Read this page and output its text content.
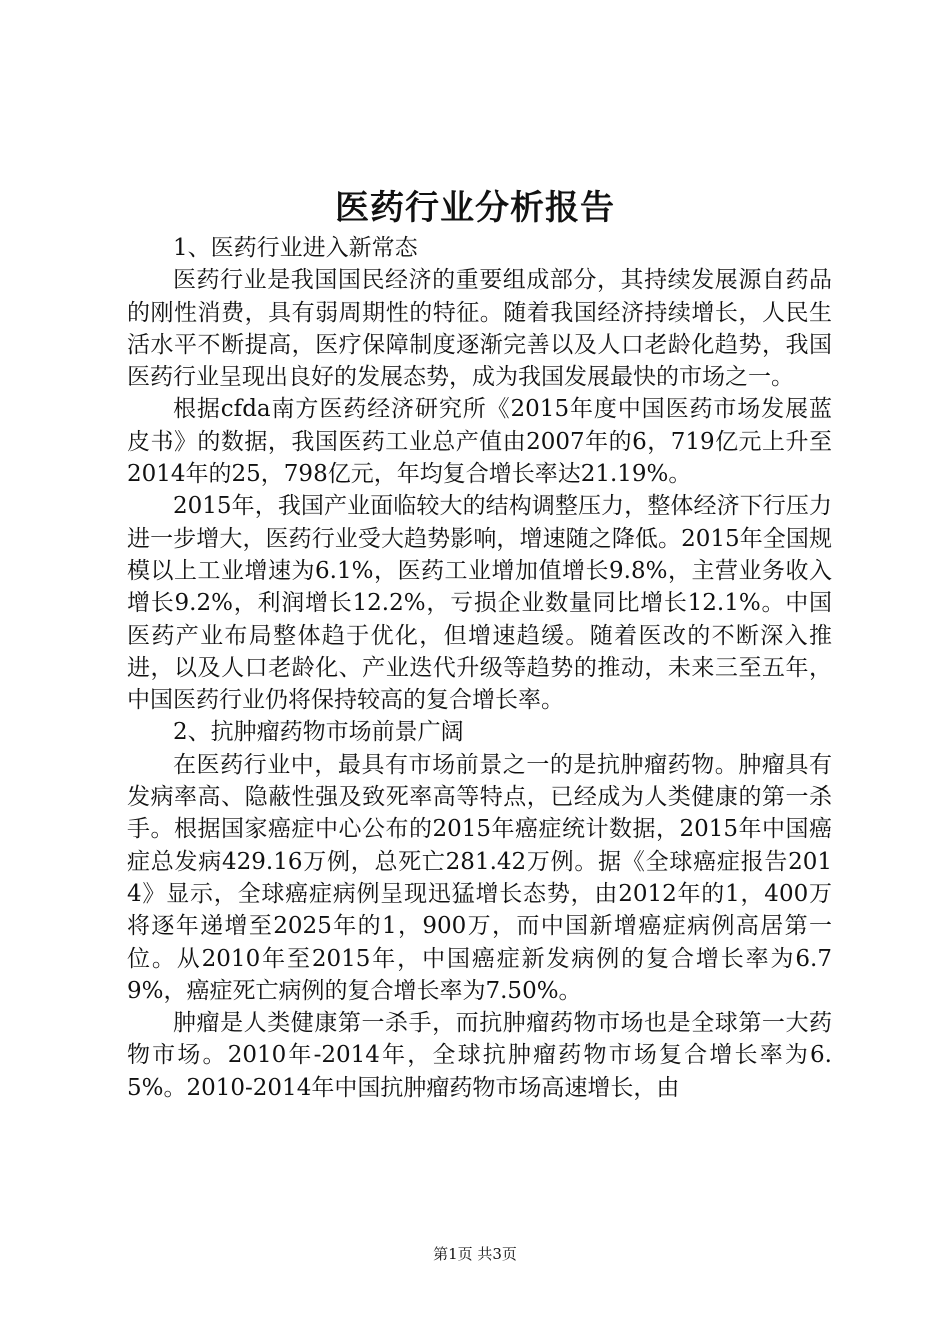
医药行业分析报告

1、医药行业进入新常态

医药行业是我国国民经济的重要组成部分，其持续发展源自药品的刚性消费，具有弱周期性的特征。随着我国经济持续增长，人民生活水平不断提高，医疗保障制度逐渐完善以及人口老龄化趋势，我国医药行业呈现出良好的发展态势，成为我国发展最快的市场之一。

根据cfda南方医药经济研究所《2015年度中国医药市场发展蓝皮书》的数据，我国医药工业总产值由2007年的6，719亿元上升至2014年的25，798亿元，年均复合增长率达21.19%。

2015年，我国产业面临较大的结构调整压力，整体经济下行压力进一步增大，医药行业受大趋势影响，增速随之降低。2015年全国规模以上工业增速为6.1%，医药工业增加值增长9.8%，主营业务收入增长9.2%，利润增长12.2%，亏损企业数量同比增长12.1%。中国医药产业布局整体趋于优化，但增速趋缓。随着医改的不断深入推进，以及人口老龄化、产业迭代升级等趋势的推动，未来三至五年，中国医药行业仍将保持较高的复合增长率。

2、抗肿瘤药物市场前景广阔

在医药行业中，最具有市场前景之一的是抗肿瘤药物。肿瘤具有发病率高、隐蔽性强及致死率高等特点，已经成为人类健康的第一杀手。根据国家癌症中心公布的2015年癌症统计数据，2015年中国癌症总发病429.16万例，总死亡281.42万例。据《全球癌症报告2014》显示，全球癌症病例呈现迅猛增长态势，由2012年的1，400万将逐年递增至2025年的1，900万，而中国新增癌症病例高居第一位。从2010年至2015年，中国癌症新发病例的复合增长率为6.79%，癌症死亡病例的复合增长率为7.50%。

肿瘤是人类健康第一杀手，而抗肿瘤药物市场也是全球第一大药物市场。2010年-2014年，全球抗肿瘤药物市场复合增长率为6.5%。2010-2014年中国抗肿瘤药物市场高速增长，由

第1页 共3页
